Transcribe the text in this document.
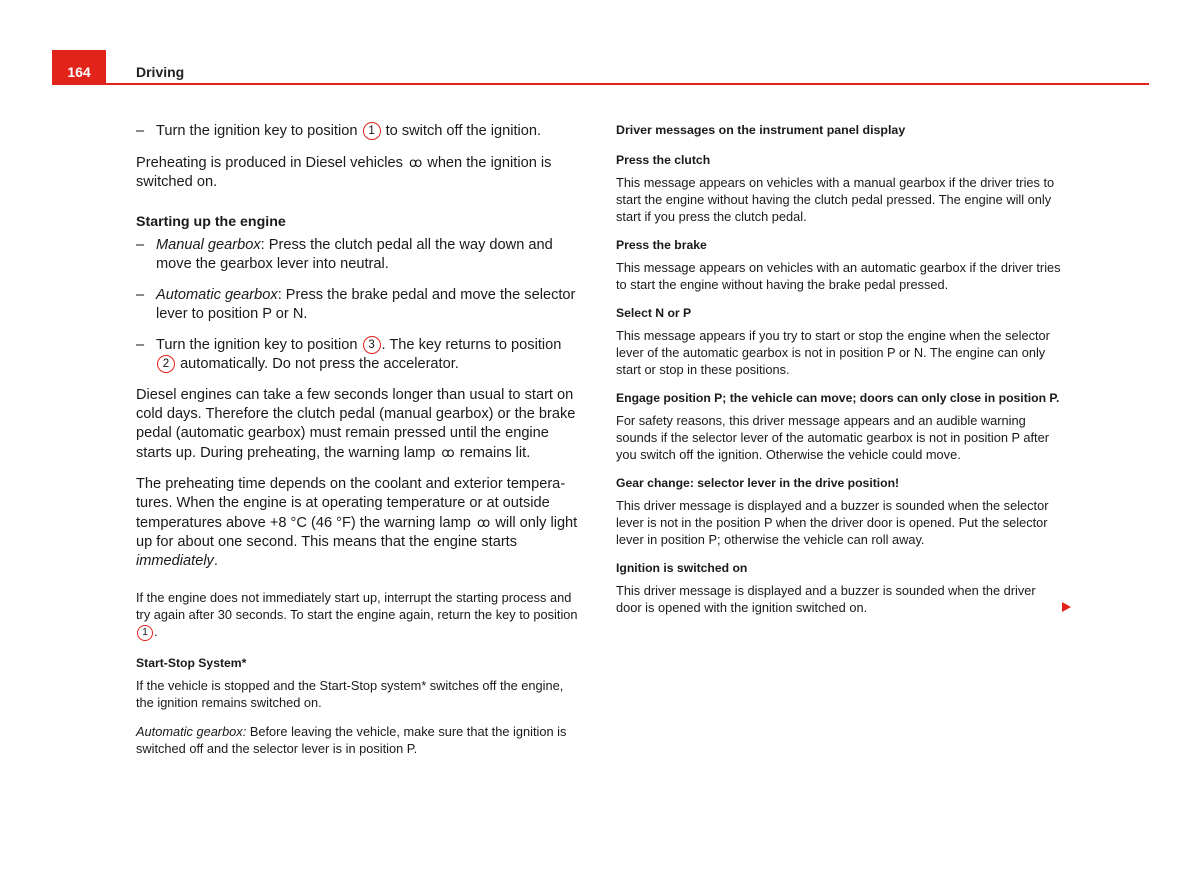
164	Driving

– Turn the ignition key to position 1 to switch off the ignition.

Preheating is produced in Diesel vehicles ꝏ when the ignition is switched on.

Starting up the engine

– Manual gearbox: Press the clutch pedal all the way down and move the gearbox lever into neutral.

– Automatic gearbox: Press the brake pedal and move the selector lever to position P or N.

– Turn the ignition key to position 3 . The key returns to position 2 automatically. Do not press the accelerator.

Diesel engines can take a few seconds longer than usual to start on cold days. Therefore the clutch pedal (manual gearbox) or the brake pedal (automatic gearbox) must remain pressed until the engine starts up. During preheating, the warning lamp ꝏ remains lit.

The preheating time depends on the coolant and exterior temperatures. When the engine is at operating temperature or at outside temperatures above +8 °C (46 °F) the warning lamp ꝏ will only light up for about one second. This means that the engine starts immediately.

If the engine does not immediately start up, interrupt the starting process and try again after 30 seconds. To start the engine again, return the key to position 1 .

Start-Stop System*

If the vehicle is stopped and the Start-Stop system* switches off the engine, the ignition remains switched on.

Automatic gearbox: Before leaving the vehicle, make sure that the ignition is switched off and the selector lever is in position P.

Driver messages on the instrument panel display
Press the clutch

This message appears on vehicles with a manual gearbox if the driver tries to start the engine without having the clutch pedal pressed. The engine will only start if you press the clutch pedal.

Press the brake

This message appears on vehicles with an automatic gearbox if the driver tries to start the engine without having the brake pedal pressed.

Select N or P

This message appears if you try to start or stop the engine when the selector lever of the automatic gearbox is not in position P or N. The engine can only start or stop in these positions.

Engage position P; the vehicle can move; doors can only close in position P.

For safety reasons, this driver message appears and an audible warning sounds if the selector lever of the automatic gearbox is not in position P after you switch off the ignition. Otherwise the vehicle could move.

Gear change: selector lever in the drive position!

This driver message is displayed and a buzzer is sounded when the selector lever is not in the position P when the driver door is opened. Put the selector lever in position P; otherwise the vehicle can roll away.

Ignition is switched on

This driver message is displayed and a buzzer is sounded when the driver door is opened with the ignition switched on.
